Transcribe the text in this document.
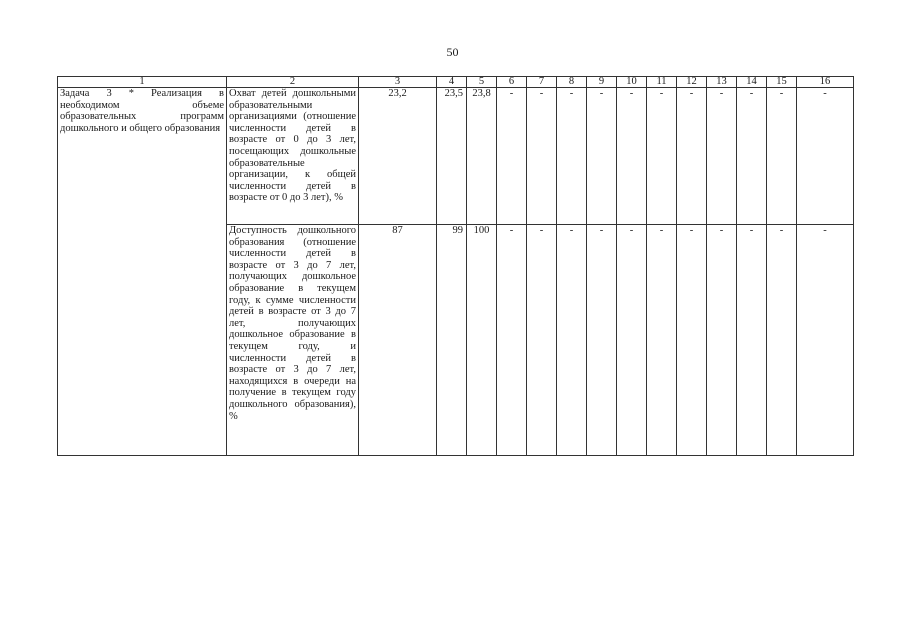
50
1	2	3	4	5	6	7	8	9	10	11	12	13	14	15	16
Задача 3 * Реализация в необходимом объеме образовательных программ дошкольного и общего образования	Охват детей дошкольными образовательными организациями (отношение численности детей в возрасте от 0 до 3 лет, посещающих дошкольные образовательные организации, к общей численности детей в возрасте от 0 до 3 лет), %	23,2	23,5	23,8	-	-	-	-	-	-	-	-	-	-	-
	Доступность дошкольного образования (отношение численности детей в возрасте от 3 до 7 лет, получающих дошкольное образование в текущем году, к сумме численности детей в возрасте от 3 до 7 лет, получающих дошкольное образование в текущем году, и численности детей в возрасте от 3 до 7 лет, находящихся в очереди на получение в текущем году дошкольного образования), %	87	99	100	-	-	-	-	-	-	-	-	-	-	-
